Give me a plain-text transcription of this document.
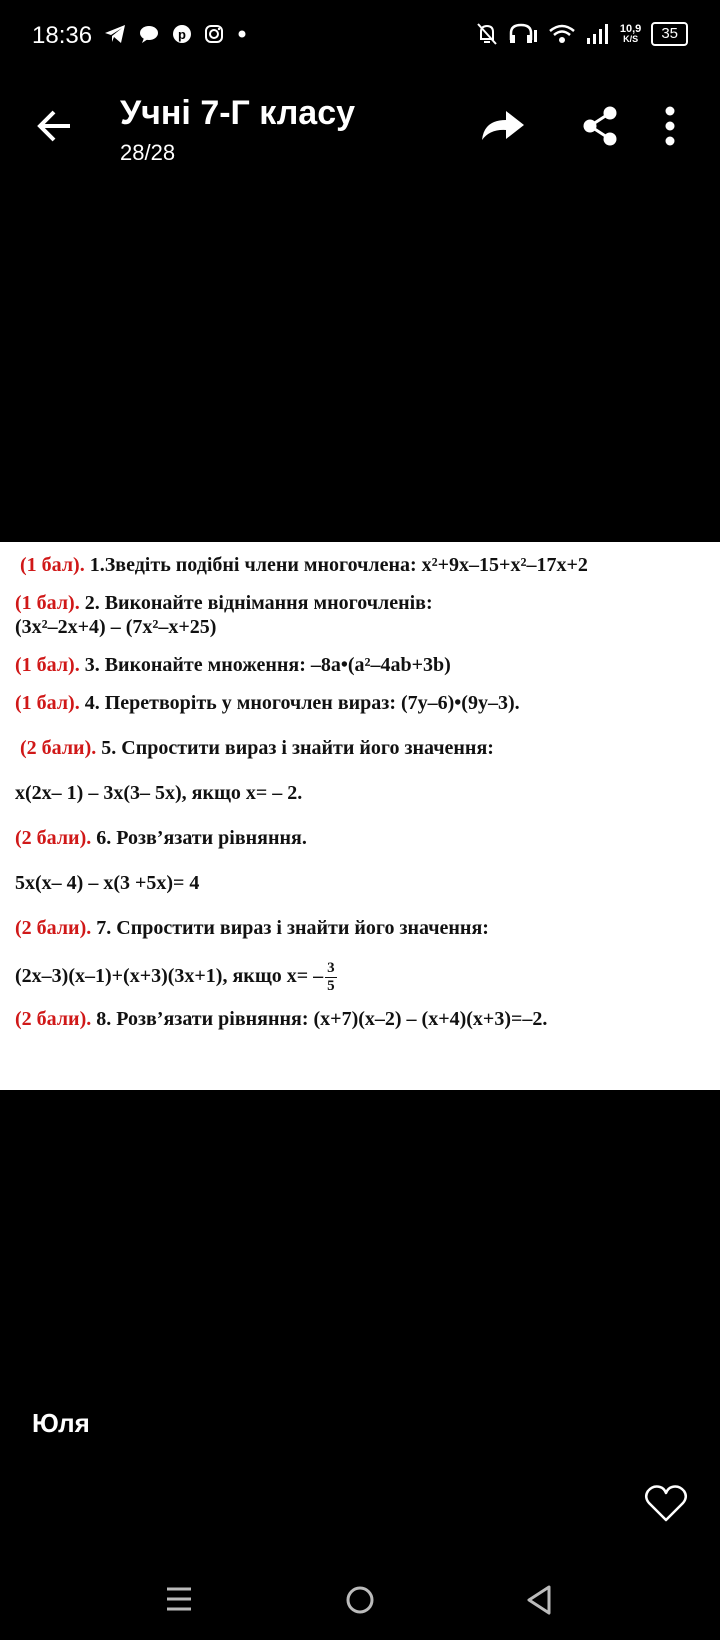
18:36	p	10,9
K/S	35
Учні 7-Г класу
28/28
(1 бал). 1.Зведіть подібні члени многочлена: x²+9x–15+x²–17x+2
(1 бал). 2. Виконайте віднімання многочленів:
(3x²–2x+4) – (7x²–x+25)
(1 бал). 3. Виконайте множення: –8a•(a²–4ab+3b)
(1 бал). 4. Перетворіть у многочлен вираз: (7y–6)•(9y–3).
(2 бали). 5. Спростити вираз і знайти його значення:
x(2x– 1) – 3x(3– 5x), якщо x= – 2.
(2 бали). 6. Розв’язати рівняння.
5x(x– 4) – x(3 +5x)= 4
(2 бали). 7. Спростити вираз і знайти його значення:
(2x–3)(x–1)+(x+3)(3x+1), якщо $x= - \frac{3}{5}$
(2 бали). 8. Розв’язати рівняння: (x+7)(x–2) – (x+4)(x+3)=–2.
Юля
